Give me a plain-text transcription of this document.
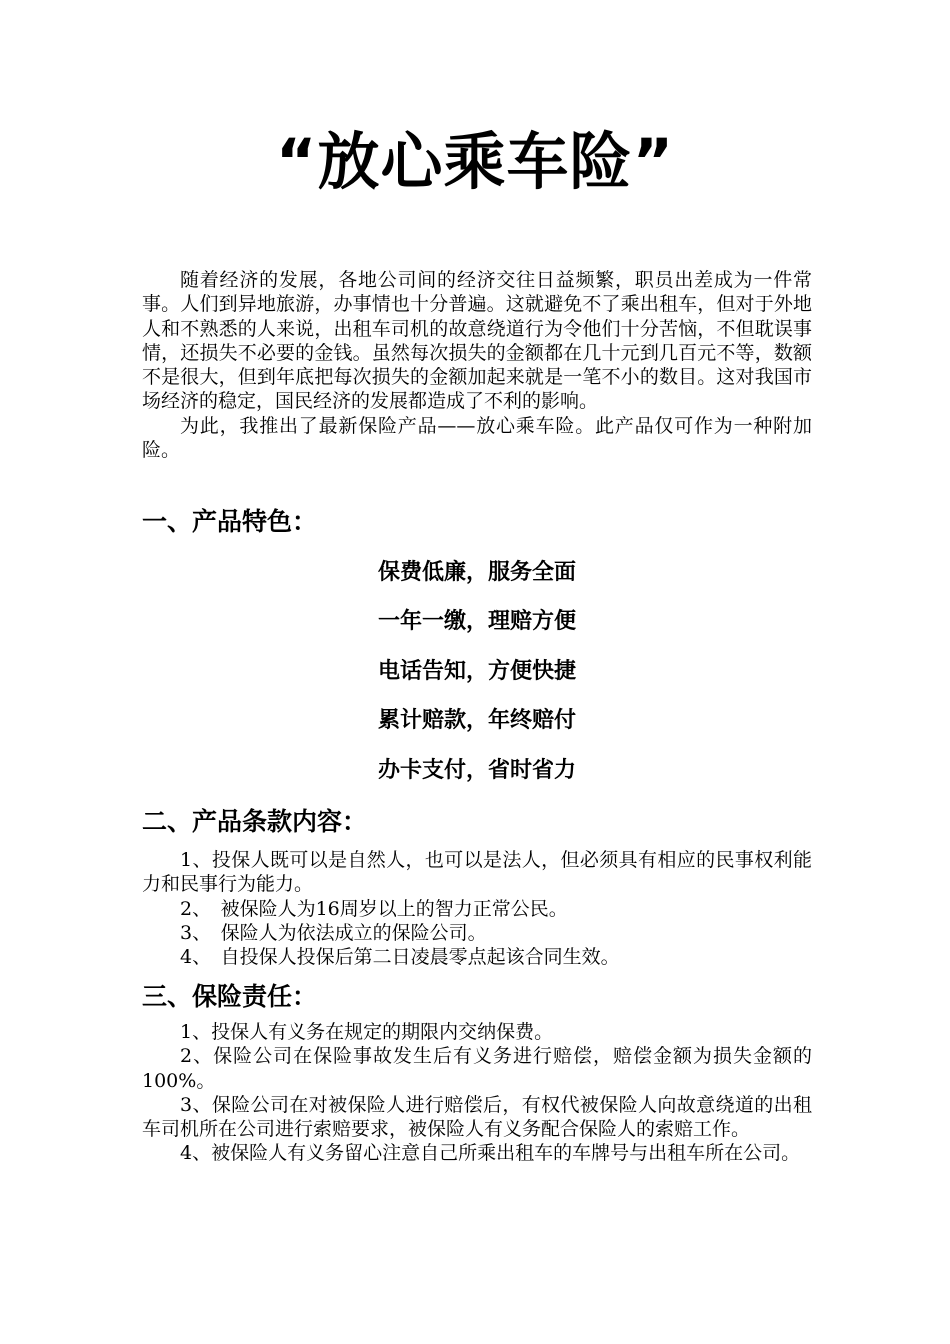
“放心乘车险”

随着经济的发展，各地公司间的经济交往日益频繁，职员出差成为一件常事。人们到异地旅游，办事情也十分普遍。这就避免不了乘出租车，但对于外地人和不熟悉的人来说，出租车司机的故意绕道行为令他们十分苦恼，不但耽误事情，还损失不必要的金钱。虽然每次损失的金额都在几十元到几百元不等，数额不是很大，但到年底把每次损失的金额加起来就是一笔不小的数目。这对我国市场经济的稳定，国民经济的发展都造成了不利的影响。

为此，我推出了最新保险产品——放心乘车险。此产品仅可作为一种附加险。

一、产品特色：
保费低廉，服务全面
一年一缴，理赔方便
电话告知，方便快捷
累计赔款，年终赔付
办卡支付，省时省力
二、产品条款内容：

1、投保人既可以是自然人，也可以是法人，但必须具有相应的民事权利能力和民事行为能力。

2、　被保险人为16周岁以上的智力正常公民。

3、　保险人为依法成立的保险公司。

4、　自投保人投保后第二日凌晨零点起该合同生效。

三、保险责任：

1、投保人有义务在规定的期限内交纳保费。

2、保险公司在保险事故发生后有义务进行赔偿，赔偿金额为损失金额的100%。

3、保险公司在对被保险人进行赔偿后，有权代被保险人向故意绕道的出租车司机所在公司进行索赔要求，被保险人有义务配合保险人的索赔工作。

4、被保险人有义务留心注意自己所乘出租车的车牌号与出租车所在公司。
